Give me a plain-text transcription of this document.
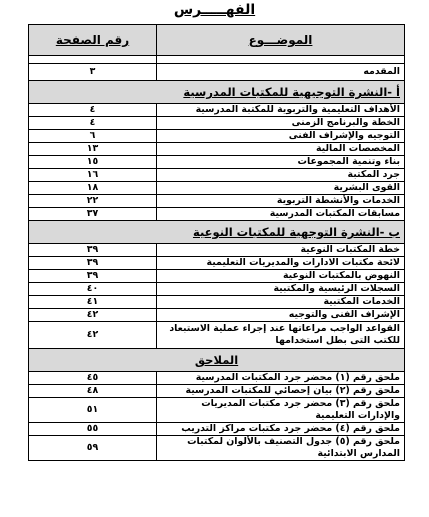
الفهـــــرس
الموضـــوع	رقم الصفحة

المقدمه	٣
أ -النشرة التوجيهية للمكتبات المدرسية	
الأهداف التعليمية والتربوية للمكتبة المدرسية	٤
الخطة والبرنامج الزمنى	٤
التوجيه والإشراف الفنى	٦
المخصصات المالية	١٣
بناء وتنمية المجموعات	١٥
جرد المكتبة	١٦
القوى البشرية	١٨
الخدمات والأنشطة التربوية	٢٢
مسابقات المكتبات المدرسية	٣٧
ب -النشرة التوجهية للمكتبات النوعية	
خطة المكتبات النوعية	٣٩
لائحة مكتبات الادارات والمديريات التعليمية	٣٩
النهوض بالمكتبات النوعية	٣٩
السجلات الرئيسية والمكتبية	٤٠
الخدمات المكتبية	٤١
الإشراف الفنى والتوجيه	٤٢
القواعد الواجب مراعاتها عند إجراء عملية الاستبعاد للكتب التى بطل استخدامها	٤٢
الملاحق	
ملحق رقم (١) محضر جرد المكتبات المدرسية	٤٥
ملحق رقم (٢) بيان إحصائي للمكتبات المدرسية	٤٨
ملحق رقم (٣) محضر جرد مكتبات المديريات والإدارات التعليمية	٥١
ملحق رقم (٤) محضر جرد مكتبات مراكز التدريب	٥٥
ملحق رقم (٥) جدول التصنيف بالألوان لمكتبات المدارس الابتدائية	٥٩
